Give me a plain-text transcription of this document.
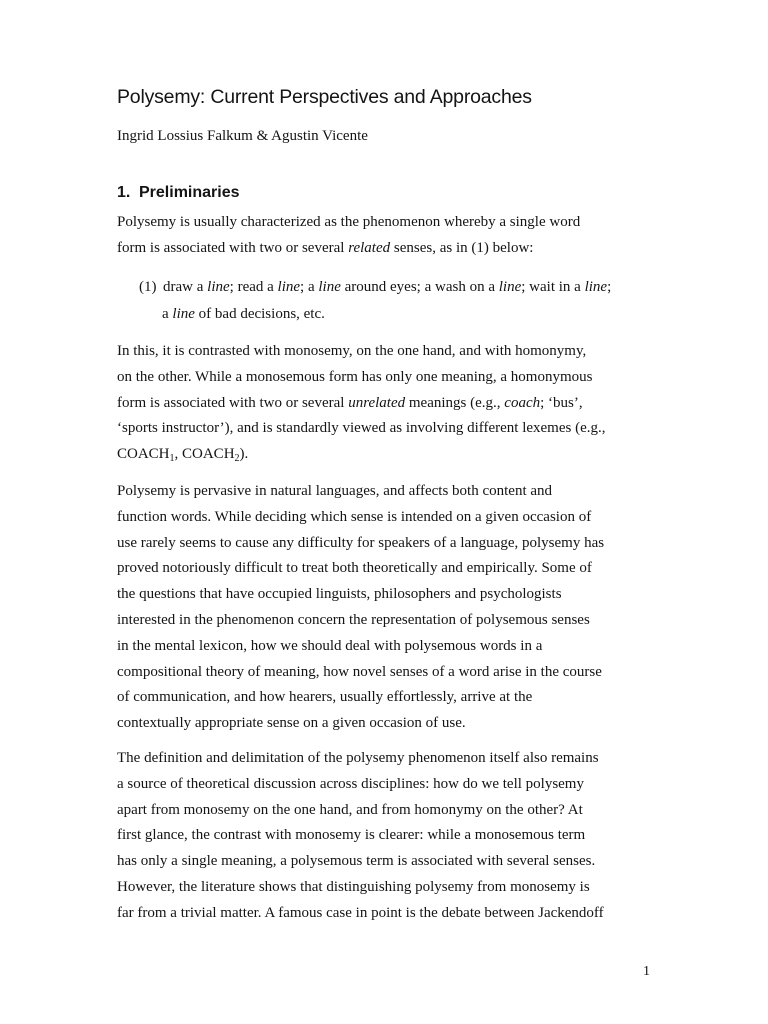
Polysemy: Current Perspectives and Approaches
Ingrid Lossius Falkum & Agustin Vicente
1. Preliminaries

Polysemy is usually characterized as the phenomenon whereby a single word
form is associated with two or several related senses, as in (1) below:

(1) draw a line; read a line; a line around eyes; a wash on a line; wait in a line;
a line of bad decisions, etc.

In this, it is contrasted with monosemy, on the one hand, and with homonymy,
on the other. While a monosemous form has only one meaning, a homonymous
form is associated with two or several unrelated meanings (e.g., coach; ‘bus’,
‘sports instructor’), and is standardly viewed as involving different lexemes (e.g.,
$COACH_1$, $COACH_2$).

Polysemy is pervasive in natural languages, and affects both content and
function words. While deciding which sense is intended on a given occasion of
use rarely seems to cause any difficulty for speakers of a language, polysemy has
proved notoriously difficult to treat both theoretically and empirically. Some of
the questions that have occupied linguists, philosophers and psychologists
interested in the phenomenon concern the representation of polysemous senses
in the mental lexicon, how we should deal with polysemous words in a
compositional theory of meaning, how novel senses of a word arise in the course
of communication, and how hearers, usually effortlessly, arrive at the
contextually appropriate sense on a given occasion of use.

The definition and delimitation of the polysemy phenomenon itself also remains
a source of theoretical discussion across disciplines: how do we tell polysemy
apart from monosemy on the one hand, and from homonymy on the other? At
first glance, the contrast with monosemy is clearer: while a monosemous term
has only a single meaning, a polysemous term is associated with several senses.
However, the literature shows that distinguishing polysemy from monosemy is
far from a trivial matter. A famous case in point is the debate between Jackendoff

1
